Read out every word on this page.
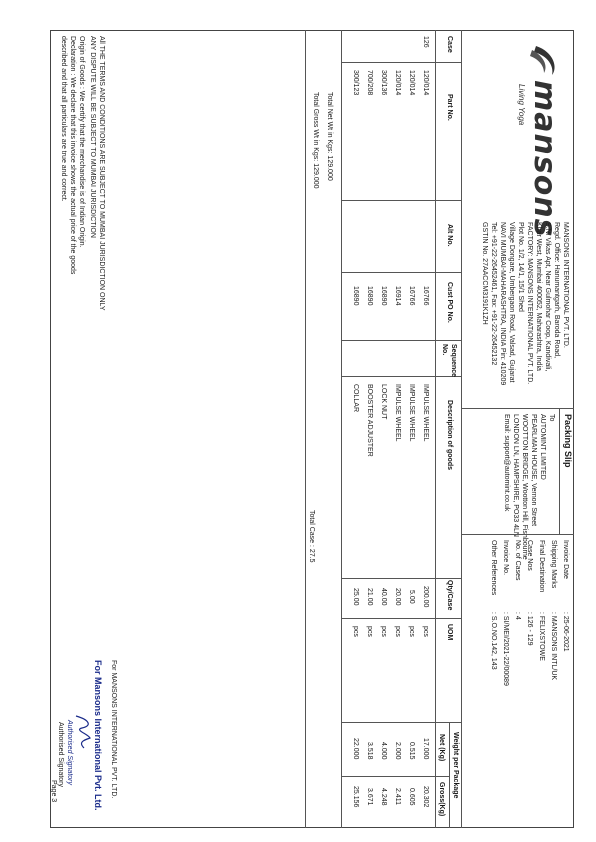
mansons
Living Yoga
MANSONS INTERNATIONAL PVT. LTD.
Regd. Office: Hanumantgarh, Baroda Road,
S.N. Vikas Apt, Near Gulmohar Coop, Kandivali,
Khar West, Mumbai 400052, Maharashtra, India
FACTORY: MANSONS INTERNATIONAL PVT. LTD.
Plot No. 1/2, 14/1, 15/1 Shed
Village Dongare, Umbergaon Road, Valsad, Gujarat
NAVI MUMBAI-MAHARASHTRA, INDIA Pin: 410209
Tel: +91-22-26452461, Fax: +91-22-26452132
GSTIN No. 27AACCM3191K1ZH
Packing Slip
To
AUTOMINT LIMITED
PEARLMAN HOUSE, Vernon Street
WOOTTON BRIDGE, Wootton Hill, Fishbourne
LONDON LN, HAMPSHIRE, PO33 4LN
Email: support@automint.co.uk
Invoice Date
: 25-06-2021
Shipping Marks
: MANSONS INTL/UK
Final Destination
: FELIXSTOWE
Case Nos
: 126 - 129
No. of Cases
: 4
Invoice No.
: SI/MEI/2021-22/00089
Other References
: S.O.NO.142, 143
Case
Part No.
Alt No.
Cust PO No.
Sequence No.
Description of goods
Qty/Case
UOM
Weight per Package
Net (Kg)
Gross(Kg)
126
120/014
16766
IMPULSE WHEEL
200.00
pcs
17.000
20.302
120/014
16766
IMPULSE WHEEL
5.00
pcs
0.515
0.605
120/014
16914
IMPULSE WHEEL
20.00
pcs
2.000
2.411
300/136
16890
LOCK NUT
40.00
pcs
4.000
4.248
700/208
16890
BOOSTER ADJUSTER
21.00
pcs
3.518
3.671
300/123
16890
COLLAR
25.00
pcs
22.000
25.156
Total Net Wt in Kgs: 129.000
Total Gross Wt in Kgs: 129.000
Total Case : 27.5
All THE TERMS AND CONDITIONS ARE SUBJECT TO MUMBAI JURISDICTION ONLY
ANY DISPUTE WILL BE SUBJECT TO MUMBAI JURISDICTION
Origin of Goods : We certify that the merchandise is of Indian Origin.
Declaration : We declare that this invoice shows the actual price of the goods
described and that all particulars are true and correct.
For MANSONS INTERNATIONAL PVT. LTD.
For Mansons International Pvt. Ltd.
Authorised Signatory
Authorised Signatory
Page 3
